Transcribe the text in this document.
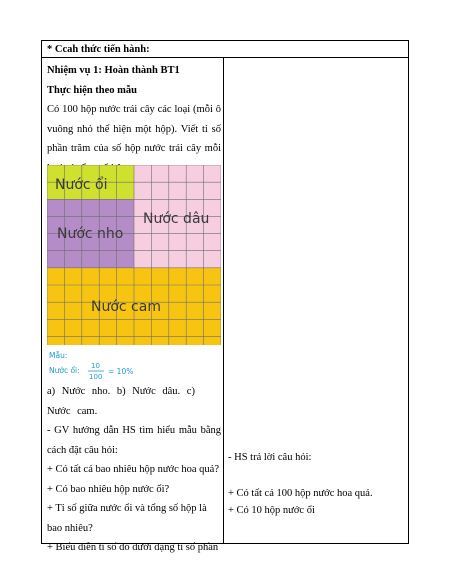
* Ccah thức tiến hành:
Nhiệm vụ 1: Hoàn thành BT1
Thực hiện theo mẫu
Có 100 hộp nước trái cây các loại (mỗi ô vuông nhỏ thể hiện một hộp). Viết tỉ số phần trăm của số hộp nước trái cây mỗi
Nước ổi
Nước dâu
Nước nho
Nước cam
Mẫu:
Nước ổi: 10
100
= 10%
a) Nước nho. b) Nước dâu. c) Nước cam.
- GV hướng dẫn HS tìm hiểu mẫu bằng cách đặt câu hỏi:
+ Có tất cả bao nhiêu hộp nước hoa quả?
+ Có bao nhiêu hộp nước ổi?
+ Tỉ số giữa nước ổi và tổng số hộp là bao nhiêu?
+ Biểu diễn tỉ số đó dưới dạng tỉ số phần
- HS trả lời câu hỏi:
+ Có tất cả 100 hộp nước hoa quả.
+ Có 10 hộp nước ổi
